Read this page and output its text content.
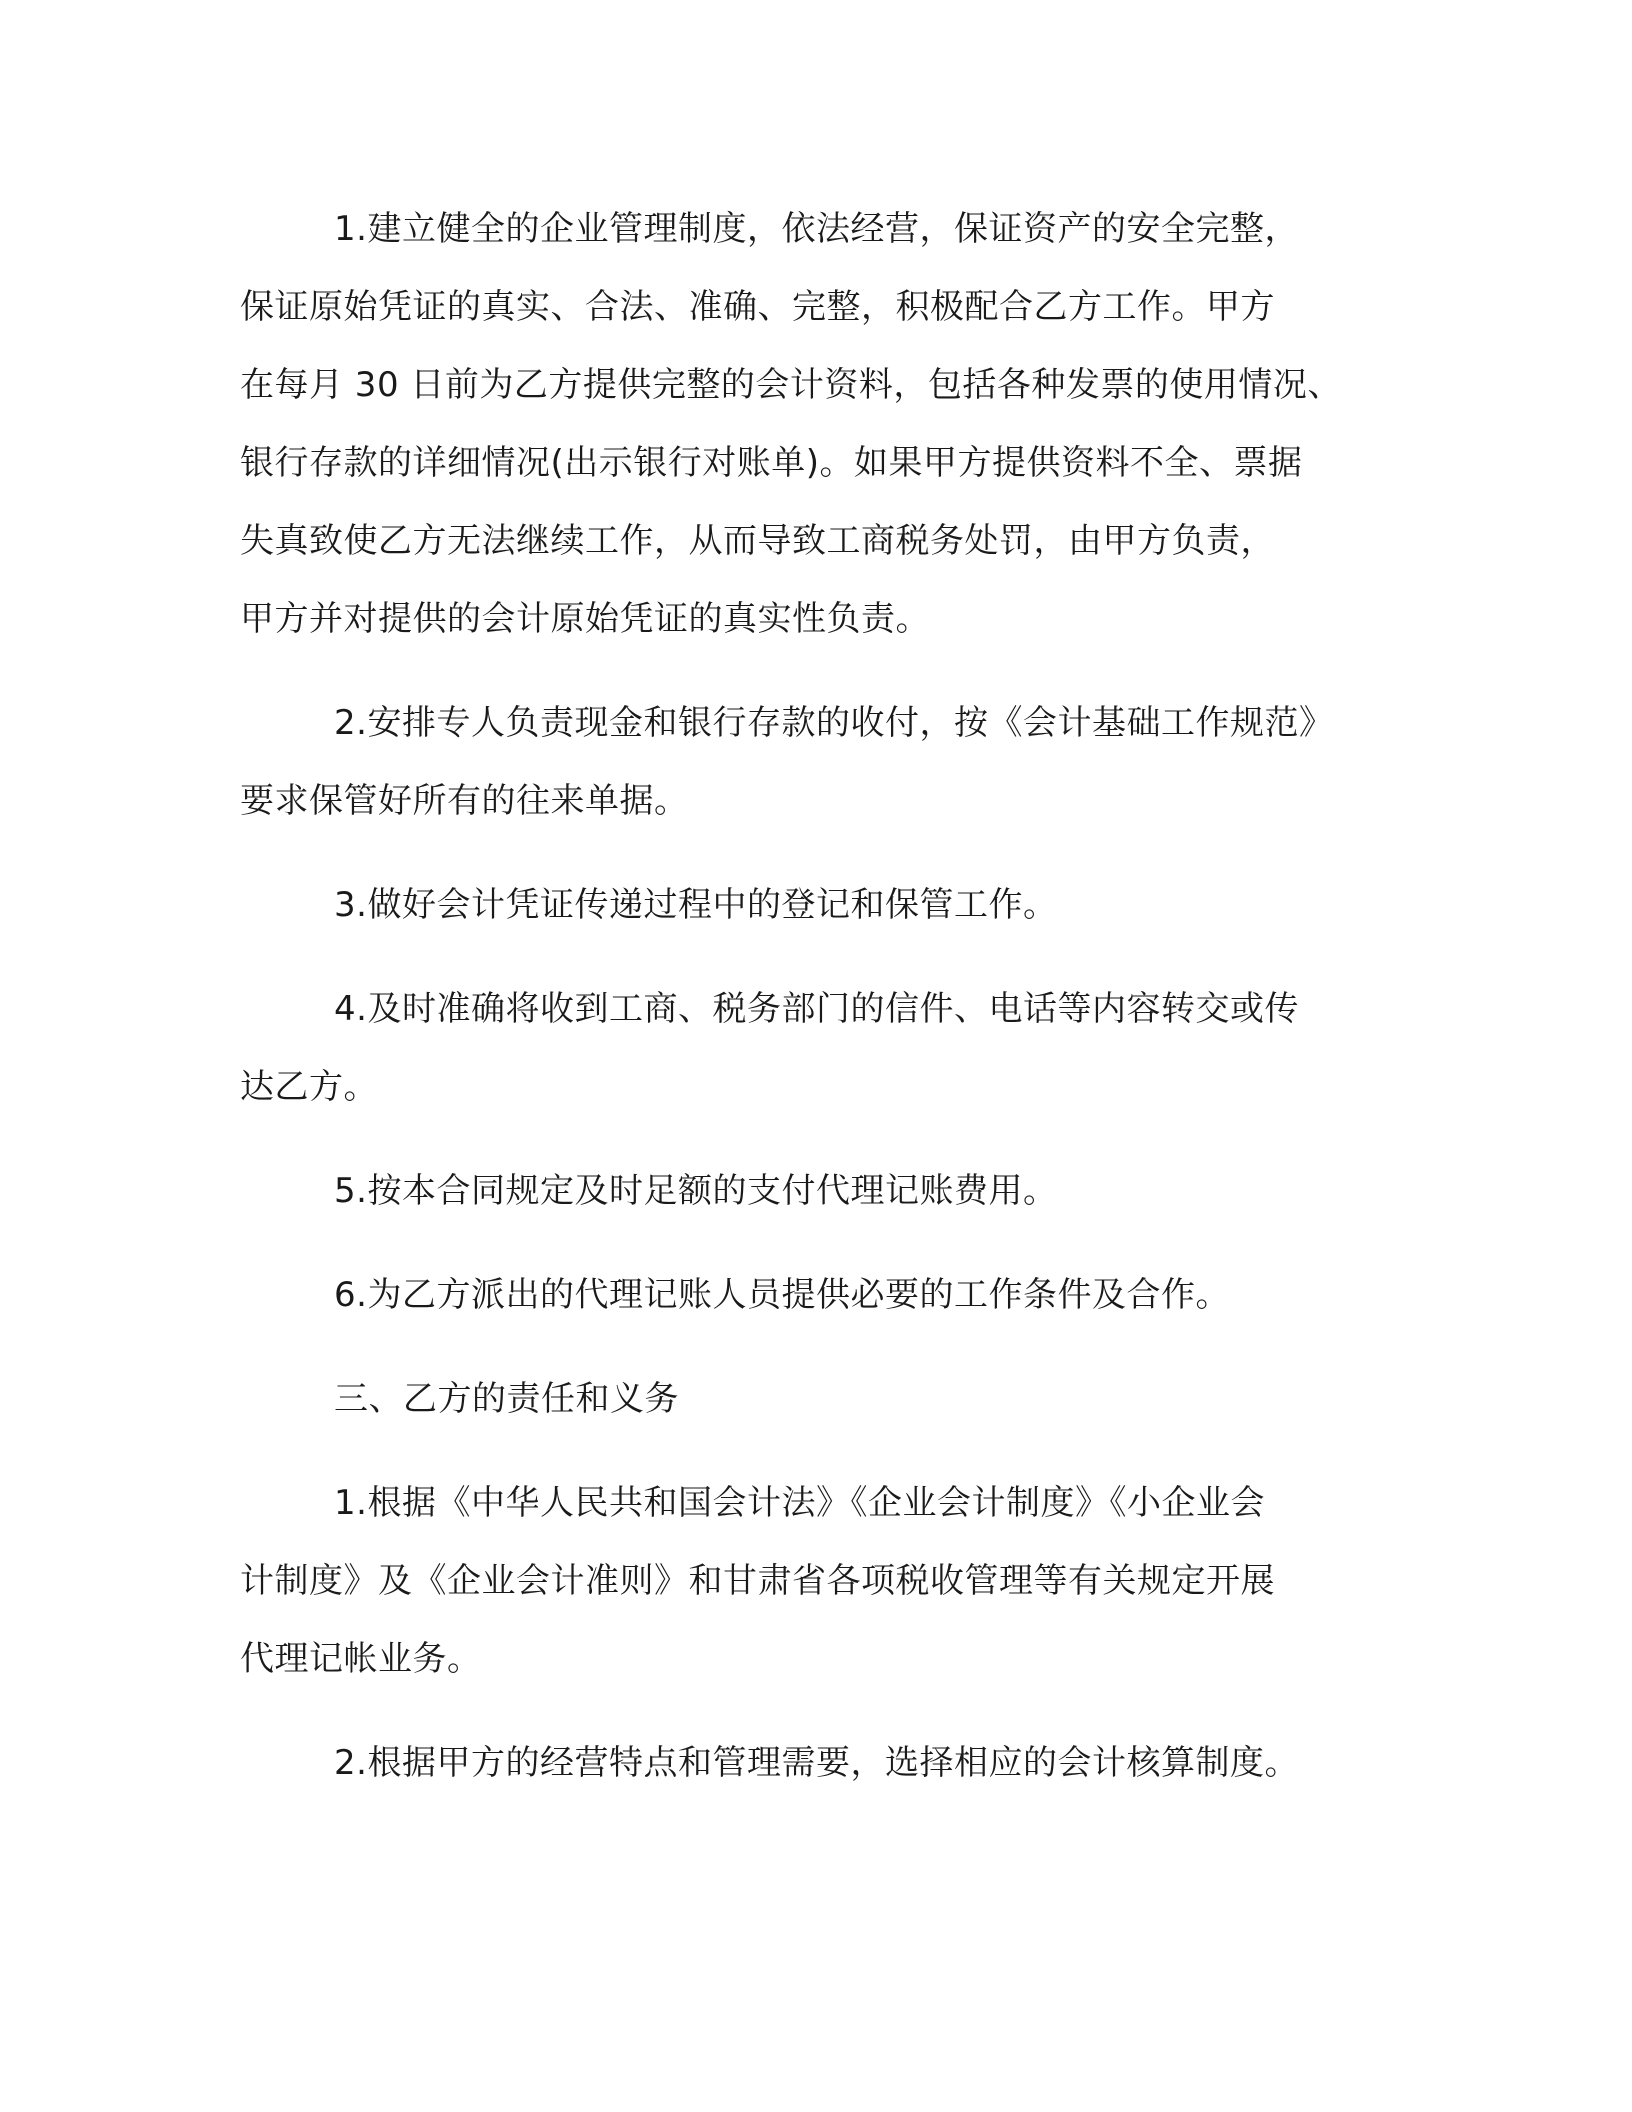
1.建立健全的企业管理制度，依法经营，保证资产的安全完整，
保证原始凭证的真实、合法、准确、完整，积极配合乙方工作。甲方
在每月 30 日前为乙方提供完整的会计资料，包括各种发票的使用情况、
银行存款的详细情况(出示银行对账单)。如果甲方提供资料不全、票据
失真致使乙方无法继续工作，从而导致工商税务处罚，由甲方负责，
甲方并对提供的会计原始凭证的真实性负责。
2.安排专人负责现金和银行存款的收付，按《会计基础工作规范》
要求保管好所有的往来单据。
3.做好会计凭证传递过程中的登记和保管工作。
4.及时准确将收到工商、税务部门的信件、电话等内容转交或传
达乙方。
5.按本合同规定及时足额的支付代理记账费用。
6.为乙方派出的代理记账人员提供必要的工作条件及合作。
三、乙方的责任和义务
1.根据《中华人民共和国会计法》《企业会计制度》《小企业会
计制度》及《企业会计准则》和甘肃省各项税收管理等有关规定开展
代理记帐业务。
2.根据甲方的经营特点和管理需要，选择相应的会计核算制度。
